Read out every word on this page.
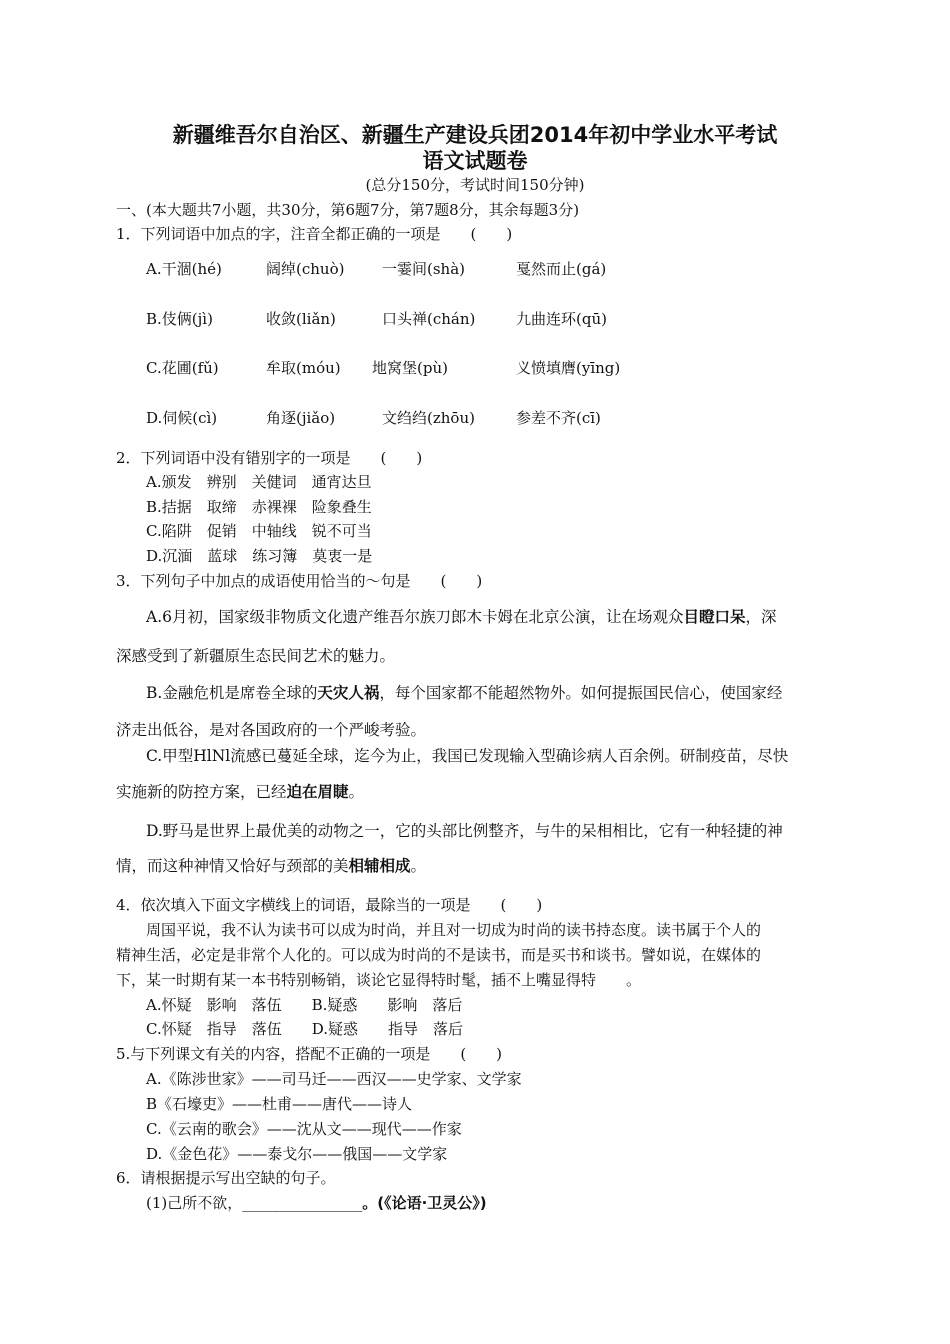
新疆维吾尔自治区、新疆生产建设兵团2014年初中学业水平考试
语文试题卷
(总分150分，考试时间150分钟)
一、(本大题共7小题，共30分，第6题7分，第7题8分，其余每题3分)
1．下列词语中加点的字，注音全都正确的一项是　　(　　)
A.干涸(hé)	阔绰(chuò)	一霎间(shà)	戛然而止(gá)
B.伎俩(jì)	收敛(liǎn)	口头禅(chán)	九曲连环(qū)
C.花圃(fǔ)	牟取(móu) 地窝堡(pù)	义愤填膺(yīng)
D.伺候(cì)	角逐(jiǎo)	文绉绉(zhōu)	参差不齐(cī)
2．下列词语中没有错别字的一项是　　(　　)
A.颁发　辨别　关健词　通宵达旦
B.拮据　取缔　赤裸裸　险象叠生
C.陷阱　促销　中轴线　锐不可当
D.沉湎　蓝球　练习簿　莫衷一是
3．下列句子中加点的成语使用恰当的～句是　　(　　)
A.6月初，国家级非物质文化遗产维吾尔族刀郎木卡姆在北京公演，让在场观众目瞪口呆，深
深感受到了新疆原生态民间艺术的魅力。
B.金融危机是席卷全球的天灾人祸，每个国家都不能超然物外。如何提振国民信心，使国家经
济走出低谷，是对各国政府的一个严峻考验。
C.甲型HlNl流感已蔓延全球，迄今为止，我国已发现输入型确诊病人百余例。研制疫苗，尽快
实施新的防控方案，已经迫在眉睫。
D.野马是世界上最优美的动物之一，它的头部比例整齐，与牛的呆相相比，它有一种轻捷的神
情，而这种神情又恰好与颈部的美相辅相成。
4．依次填入下面文字横线上的词语，最除当的一项是　　(　　)
周国平说，我不认为读书可以成为时尚，并且对一切成为时尚的读书持态度。读书属于个人的
精神生活，必定是非常个人化的。可以成为时尚的不是读书，而是买书和谈书。譬如说，在媒体的
下，某一时期有某一本书特别畅销，谈论它显得特时髦，插不上嘴显得特　　。
A.怀疑　影响　落伍　　B.疑惑　　影响　落后
C.怀疑　指导　落伍　　D.疑惑　　指导　落后
5.与下列课文有关的内容，搭配不正确的一项是　　(　　)
A.《陈涉世家》——司马迁——西汉——史学家、文学家
B《石壕吏》——杜甫——唐代——诗人
C.《云南的歌会》——沈从文——现代——作家
D.《金色花》——泰戈尔——俄国——文学家
6．请根据提示写出空缺的句子。
(1)己所不欲，________________。(《论语·卫灵公》)
